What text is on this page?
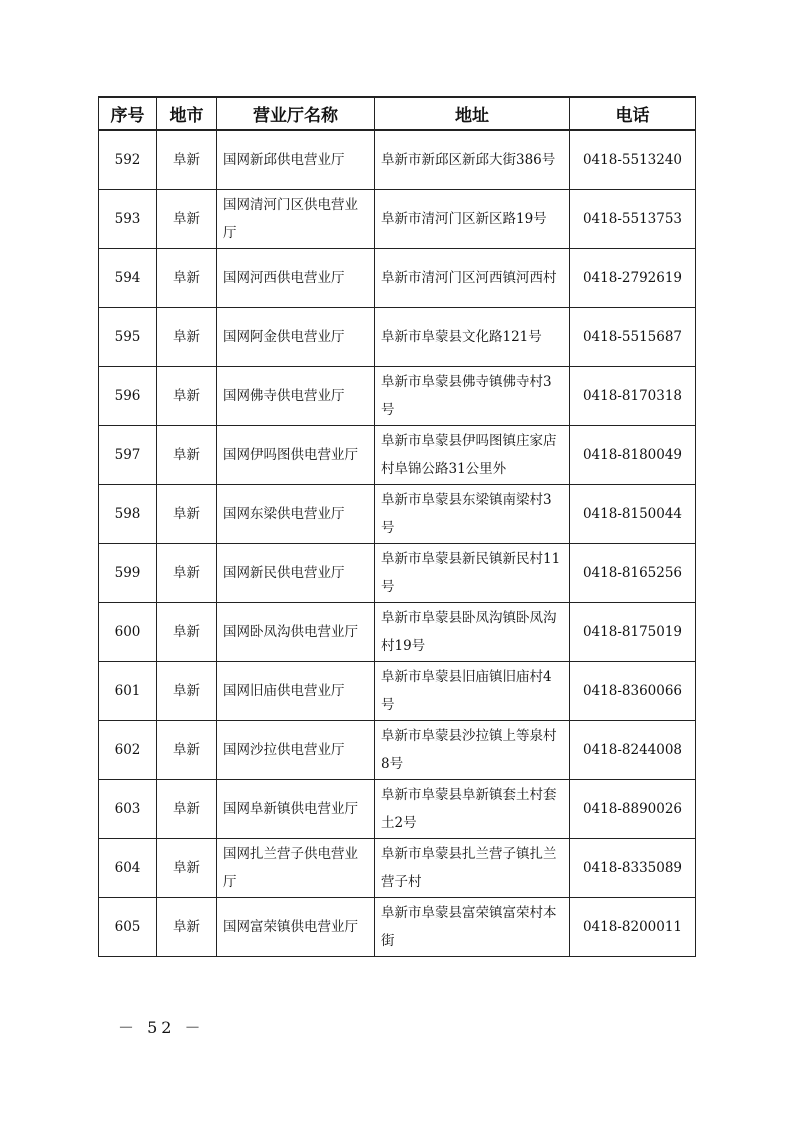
序号	地市	营业厅名称	地址	电话
592	阜新	国网新邱供电营业厅	阜新市新邱区新邱大街386号	0418-5513240
593	阜新	国网清河门区供电营业厅	阜新市清河门区新区路19号	0418-5513753
594	阜新	国网河西供电营业厅	阜新市清河门区河西镇河西村	0418-2792619
595	阜新	国网阿金供电营业厅	阜新市阜蒙县文化路121号	0418-5515687
596	阜新	国网佛寺供电营业厅	阜新市阜蒙县佛寺镇佛寺村3号	0418-8170318
597	阜新	国网伊吗图供电营业厅	阜新市阜蒙县伊吗图镇庄家店村阜锦公路31公里外	0418-8180049
598	阜新	国网东梁供电营业厅	阜新市阜蒙县东梁镇南梁村3号	0418-8150044
599	阜新	国网新民供电营业厅	阜新市阜蒙县新民镇新民村11号	0418-8165256
600	阜新	国网卧凤沟供电营业厅	阜新市阜蒙县卧凤沟镇卧凤沟村19号	0418-8175019
601	阜新	国网旧庙供电营业厅	阜新市阜蒙县旧庙镇旧庙村4号	0418-8360066
602	阜新	国网沙拉供电营业厅	阜新市阜蒙县沙拉镇上等泉村8号	0418-8244008
603	阜新	国网阜新镇供电营业厅	阜新市阜蒙县阜新镇套土村套土2号	0418-8890026
604	阜新	国网扎兰营子供电营业厅	阜新市阜蒙县扎兰营子镇扎兰营子村	0418-8335089
605	阜新	国网富荣镇供电营业厅	阜新市阜蒙县富荣镇富荣村本街	0418-8200011
－ 52 －
